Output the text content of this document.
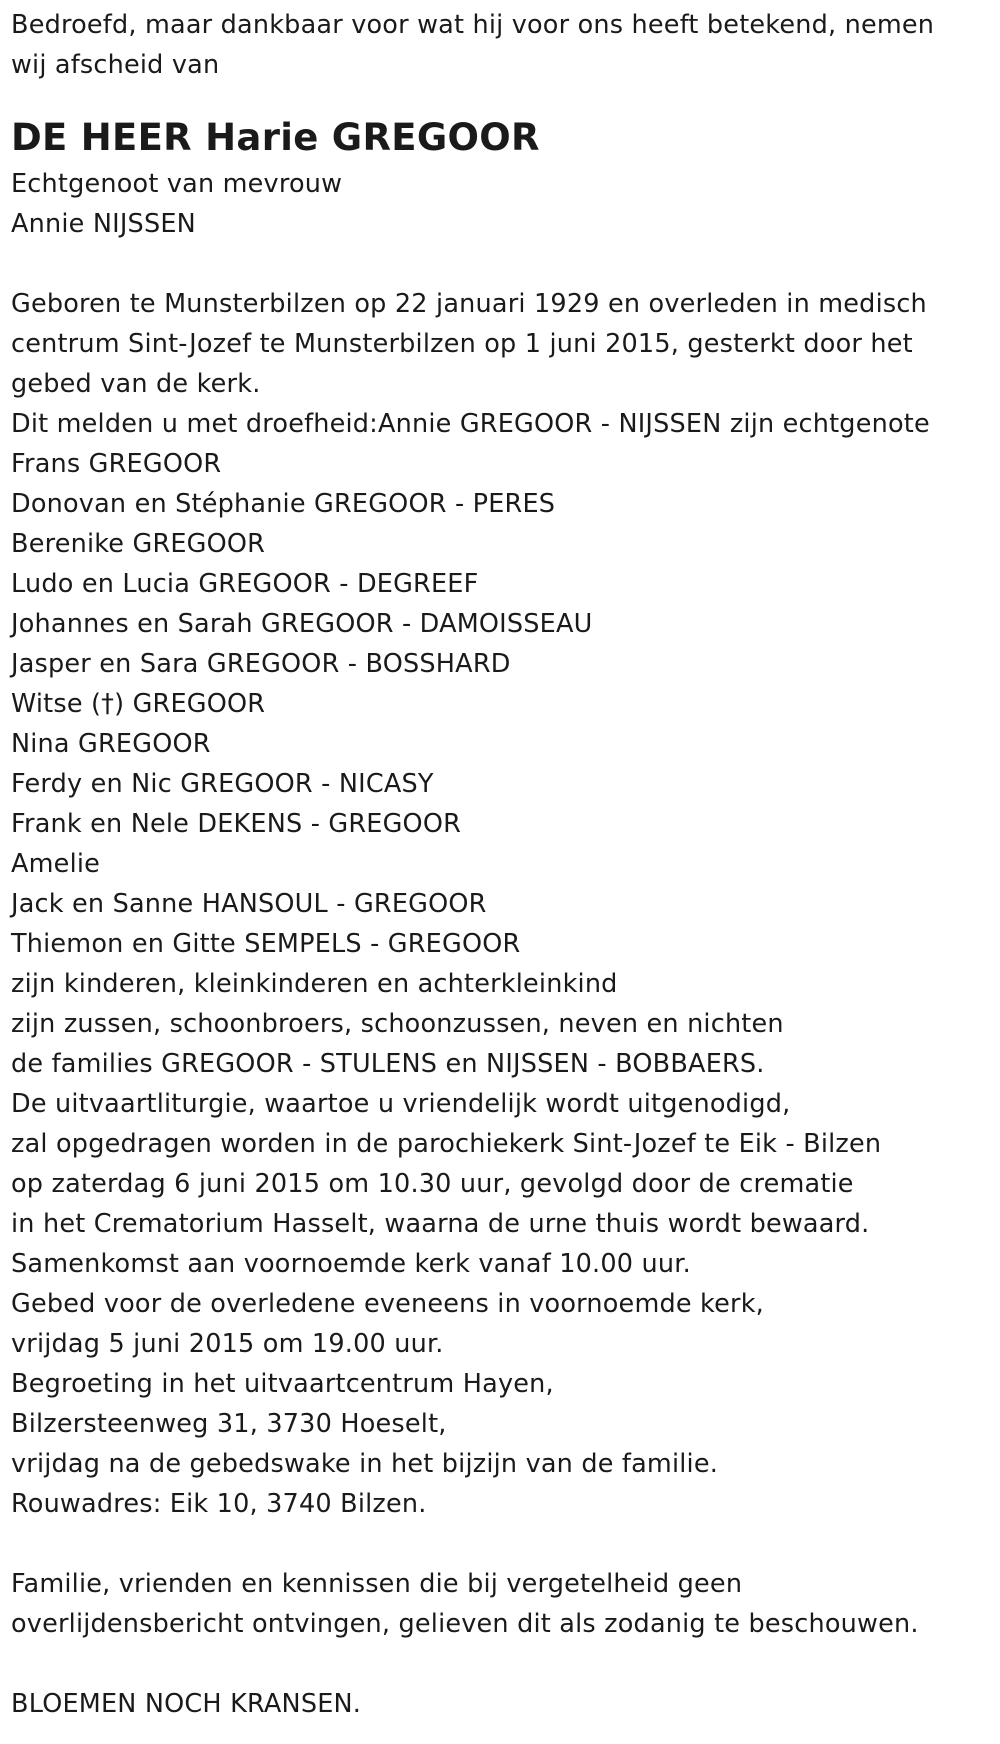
Bedroefd, maar dankbaar voor wat hij voor ons heeft betekend, nemen
wij afscheid van
DE HEER Harie GREGOOR
Echtgenoot van mevrouw
Annie NIJSSEN
Geboren te Munsterbilzen op 22 januari 1929 en overleden in medisch
centrum Sint-Jozef te Munsterbilzen op 1 juni 2015, gesterkt door het
gebed van de kerk.
Dit melden u met droefheid:Annie GREGOOR - NIJSSEN zijn echtgenote
Frans GREGOOR
Donovan en Stéphanie GREGOOR - PERES
Berenike GREGOOR
Ludo en Lucia GREGOOR - DEGREEF
Johannes en Sarah GREGOOR - DAMOISSEAU
Jasper en Sara GREGOOR - BOSSHARD
Witse (†) GREGOOR
Nina GREGOOR
Ferdy en Nic GREGOOR - NICASY
Frank en Nele DEKENS - GREGOOR
Amelie
Jack en Sanne HANSOUL - GREGOOR
Thiemon en Gitte SEMPELS - GREGOOR
zijn kinderen, kleinkinderen en achterkleinkind
zijn zussen, schoonbroers, schoonzussen, neven en nichten
de families GREGOOR - STULENS en NIJSSEN - BOBBAERS.
De uitvaartliturgie, waartoe u vriendelijk wordt uitgenodigd,
zal opgedragen worden in de parochiekerk Sint-Jozef te Eik - Bilzen
op zaterdag 6 juni 2015 om 10.30 uur, gevolgd door de crematie
in het Crematorium Hasselt, waarna de urne thuis wordt bewaard.
Samenkomst aan voornoemde kerk vanaf 10.00 uur.
Gebed voor de overledene eveneens in voornoemde kerk,
vrijdag 5 juni 2015 om 19.00 uur.
Begroeting in het uitvaartcentrum Hayen,
Bilzersteenweg 31, 3730 Hoeselt,
vrijdag na de gebedswake in het bijzijn van de familie.
Rouwadres: Eik 10, 3740 Bilzen.
Familie, vrienden en kennissen die bij vergetelheid geen
overlijdensbericht ontvingen, gelieven dit als zodanig te beschouwen.
BLOEMEN NOCH KRANSEN.
